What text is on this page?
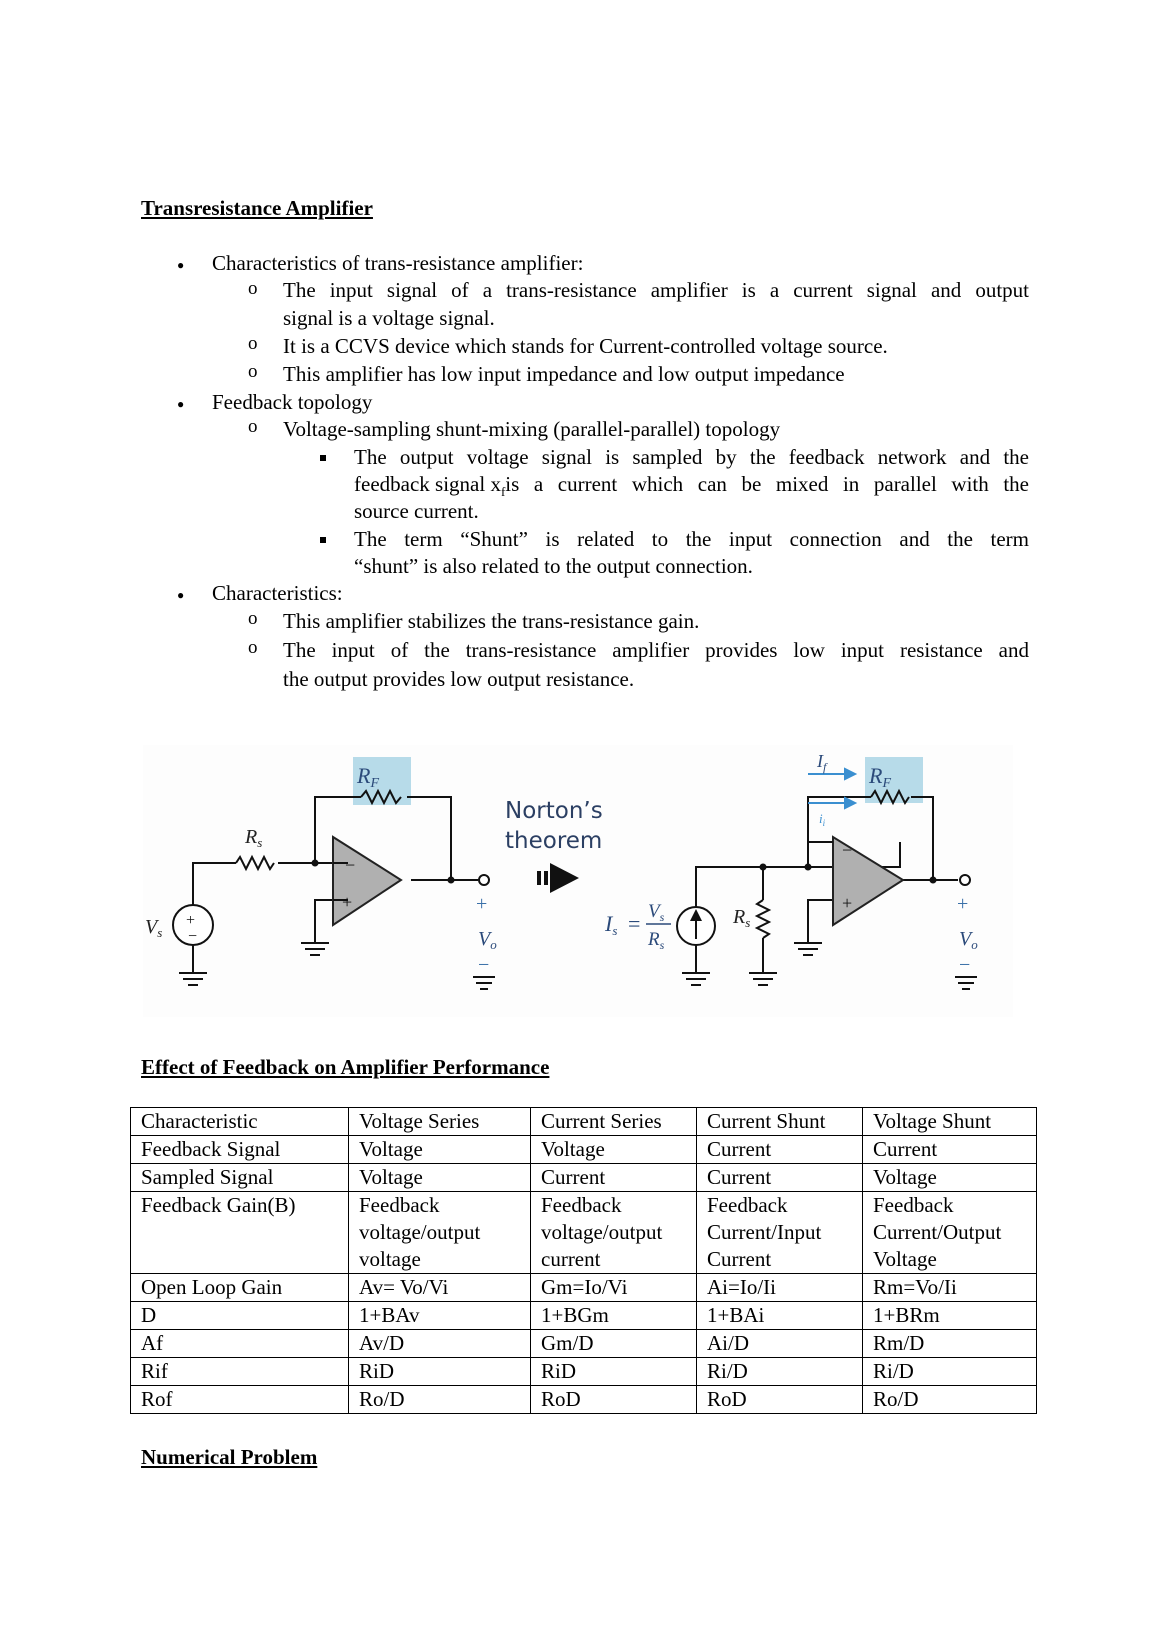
Transresistance Amplifier
● Characteristics of trans-resistance amplifier:
o The input signal of a trans-resistance amplifier is a current signal and output
signal is a voltage signal.
o It is a CCVS device which stands for Current-controlled voltage source.
o This amplifier has low input impedance and low output impedance
● Feedback topology
o Voltage-sampling shunt-mixing (parallel-parallel) topology
The output voltage signal is sampled by the feedback network and the
feedback signal $x_f$ is a current which can be mixed in parallel with the
source current.
The term “Shunt” is related to the input connection and the term
“shunt” is also related to the output connection.
● Characteristics:
o This amplifier stabilizes the trans-resistance gain.
o The input of the trans-resistance amplifier provides low input resistance and
the output provides low output resistance.
−
+
RF
$R_s$
$V_s$
+
−
+
$V_o$
−
Norton’s
theorem	−
+
$I_f$
$i_i$
RF
$Is = V_s$
$R_s$
$R_s$
+
$V_o$
−
Effect of Feedback on Amplifier Performance
Characteristic	Voltage Series	Current Series	Current Shunt	Voltage Shunt
Feedback Signal	Voltage	Voltage	Current	Current
Sampled Signal	Voltage	Current	Current	Voltage
Feedback Gain(B)	Feedback voltage/output voltage	Feedback voltage/output current	Feedback Current/Input Current	Feedback Current/Output Voltage
Open Loop Gain	Av= Vo/Vi	Gm=Io/Vi	Ai=Io/Ii	Rm=Vo/Ii
D	1+BAv	1+BGm	1+BAi	1+BRm
Af	Av/D	Gm/D	Ai/D	Rm/D
Rif	RiD	RiD	Ri/D	Ri/D
Rof	Ro/D	RoD	RoD	Ro/D
Numerical Problem
